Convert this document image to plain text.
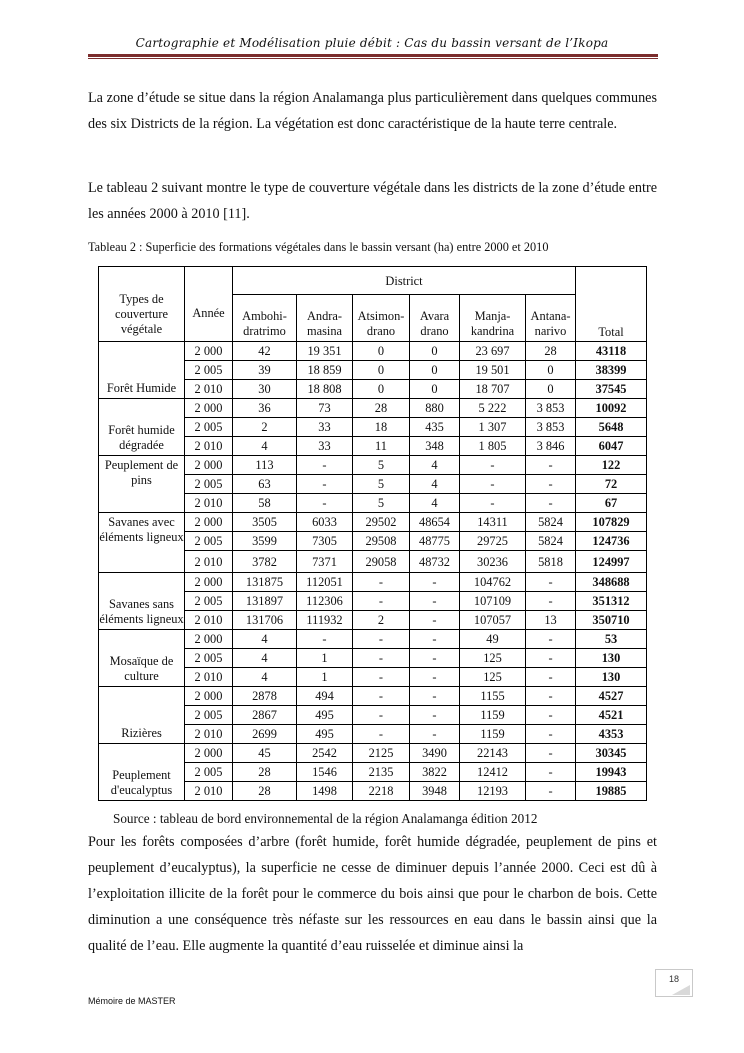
Cartographie et Modélisation pluie débit : Cas du bassin versant de l’Ikopa

La zone d’étude se situe dans la région Analamanga plus particulièrement dans quelques communes des six Districts de la région. La végétation est donc caractéristique de la haute terre centrale.

Le tableau 2 suivant montre le type de couverture végétale dans les districts de la zone d’étude entre les années 2000 à 2010 [11].

Tableau 2 : Superficie des formations végétales dans le bassin versant (ha) entre 2000 et 2010
Types de couverture végétale	Année	District						Total
		Ambohi-dratrimo	Andra-masina	Atsimon-drano	Avara drano	Manja-kandrina	Antana-narivo	
Forêt Humide	2 000	42	19 351	0	0	23 697	28	43118
	2 005	39	18 859	0	0	19 501	0	38399
	2 010	30	18 808	0	0	18 707	0	37545
Forêt humide dégradée	2 000	36	73	28	880	5 222	3 853	10092
	2 005	2	33	18	435	1 307	3 853	5648
	2 010	4	33	11	348	1 805	3 846	6047
Peuplement de pins	2 000	113	-	5	4	-	-	122
	2 005	63	-	5	4	-	-	72
	2 010	58	-	5	4	-	-	67
Savanes avec éléments ligneux	2 000	3505	6033	29502	48654	14311	5824	107829
	2 005	3599	7305	29508	48775	29725	5824	124736
	2 010	3782	7371	29058	48732	30236	5818	124997
Savanes sans éléments ligneux	2 000	131875	112051	-	-	104762	-	348688
	2 005	131897	112306	-	-	107109	-	351312
	2 010	131706	111932	2	-	107057	13	350710
Mosaïque de culture	2 000	4	-	-	-	49	-	53
	2 005	4	1	-	-	125	-	130
	2 010	4	1	-	-	125	-	130
Rizières	2 000	2878	494	-	-	1155	-	4527
	2 005	2867	495	-	-	1159	-	4521
	2 010	2699	495	-	-	1159	-	4353
Peuplement d'eucalyptus	2 000	45	2542	2125	3490	22143	-	30345
	2 005	28	1546	2135	3822	12412	-	19943
	2 010	28	1498	2218	3948	12193	-	19885
Source : tableau de bord environnemental de la région Analamanga édition 2012

Pour les forêts composées d’arbre (forêt humide, forêt humide dégradée, peuplement de pins et peuplement d’eucalyptus), la superficie ne cesse de diminuer depuis l’année 2000. Ceci est dû à l’exploitation illicite de la forêt pour le commerce du bois ainsi que pour le charbon de bois. Cette diminution a une conséquence très néfaste sur les ressources en eau dans le bassin ainsi que la qualité de l’eau. Elle augmente la quantité d’eau ruisselée et diminue ainsi la

18
Mémoire de MASTER
